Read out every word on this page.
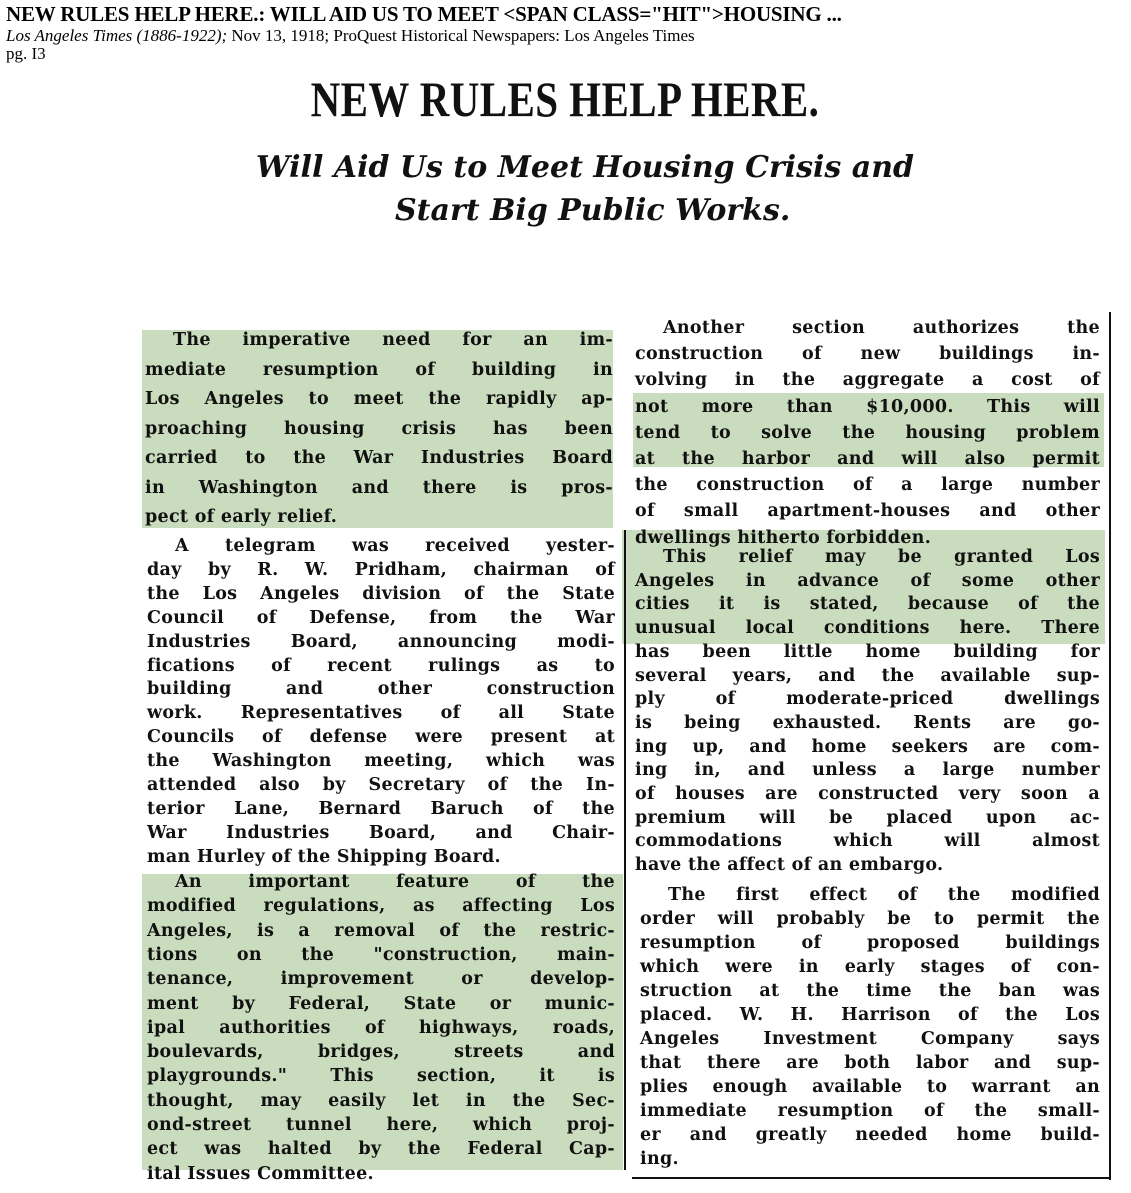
NEW RULES HELP HERE.: WILL AID US TO MEET <SPAN CLASS="HIT">HOUSING ...
Los Angeles Times (1886-1922); Nov 13, 1918; ProQuest Historical Newspapers: Los Angeles Times
pg. I3
NEW RULES HELP HERE.
Will Aid Us to Meet Housing Crisis and
Start Big Public Works.
The imperative need for an im-
mediate resumption of building in
Los Angeles to meet the rapidly ap-
proaching housing crisis has been
carried to the War Industries Board
in Washington and there is pros-
pect of early relief.
A telegram was received yester-
day by R. W. Pridham, chairman of
the Los Angeles division of the State
Council of Defense, from the War
Industries Board, announcing modi-
fications of recent rulings as to
building and other construction
work. Representatives of all State
Councils of defense were present at
the Washington meeting, which was
attended also by Secretary of the In-
terior Lane, Bernard Baruch of the
War Industries Board, and Chair-
man Hurley of the Shipping Board.
An important feature of the
modified regulations, as affecting Los
Angeles, is a removal of the restric-
tions on the "construction, main-
tenance, improvement or develop-
ment by Federal, State or munic-
ipal authorities of highways, roads,
boulevards, bridges, streets and
playgrounds." This section, it is
thought, may easily let in the Sec-
ond-street tunnel here, which proj-
ect was halted by the Federal Cap-
ital Issues Committee.
Another section authorizes the
construction of new buildings in-
volving in the aggregate a cost of
not more than $10,000. This will
tend to solve the housing problem
at the harbor and will also permit
the construction of a large number
of small apartment-houses and other
dwellings hitherto forbidden.
This relief may be granted Los
Angeles in advance of some other
cities it is stated, because of the
unusual local conditions here. There
has been little home building for
several years, and the available sup-
ply of moderate-priced dwellings
is being exhausted. Rents are go-
ing up, and home seekers are com-
ing in, and unless a large number
of houses are constructed very soon a
premium will be placed upon ac-
commodations which will almost
have the affect of an embargo.
The first effect of the modified
order will probably be to permit the
resumption of proposed buildings
which were in early stages of con-
struction at the time the ban was
placed. W. H. Harrison of the Los
Angeles Investment Company says
that there are both labor and sup-
plies enough available to warrant an
immediate resumption of the small-
er and greatly needed home build-
ing.
